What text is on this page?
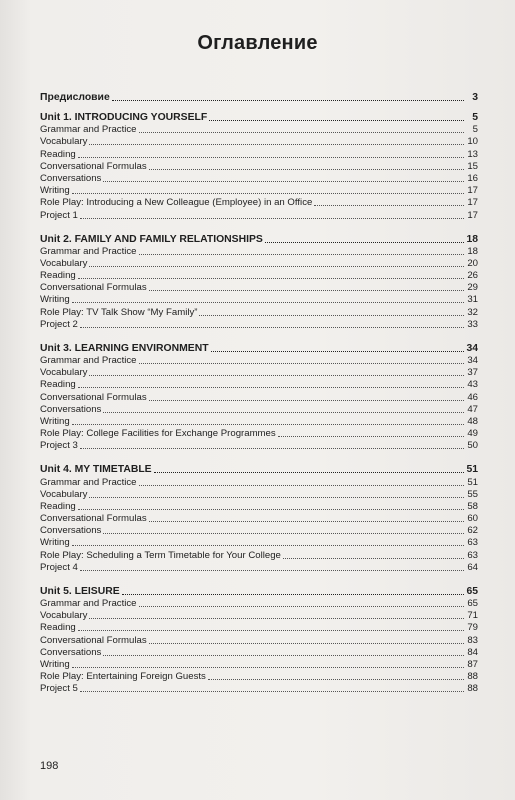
Оглавление
Предисловие	3
Unit 1. INTRODUCING YOURSELF	5
Grammar and Practice	5
Vocabulary	10
Reading	13
Conversational Formulas	15
Conversations	16
Writing	17
Role Play: Introducing a New Colleague (Employee) in an Office	17
Project 1	17
Unit 2. FAMILY AND FAMILY RELATIONSHIPS	18
Grammar and Practice	18
Vocabulary	20
Reading	26
Conversational Formulas	29
Writing	31
Role Play: TV Talk Show “My Family”	32
Project 2	33
Unit 3. LEARNING ENVIRONMENT	34
Grammar and Practice	34
Vocabulary	37
Reading	43
Conversational Formulas	46
Conversations	47
Writing	48
Role Play: College Facilities for Exchange Programmes	49
Project 3	50
Unit 4. MY TIMETABLE	51
Grammar and Practice	51
Vocabulary	55
Reading	58
Conversational Formulas	60
Conversations	62
Writing	63
Role Play: Scheduling a Term Timetable for Your College	63
Project 4	64
Unit 5. LEISURE	65
Grammar and Practice	65
Vocabulary	71
Reading	79
Conversational Formulas	83
Conversations	84
Writing	87
Role Play: Entertaining Foreign Guests	88
Project 5	88
198
